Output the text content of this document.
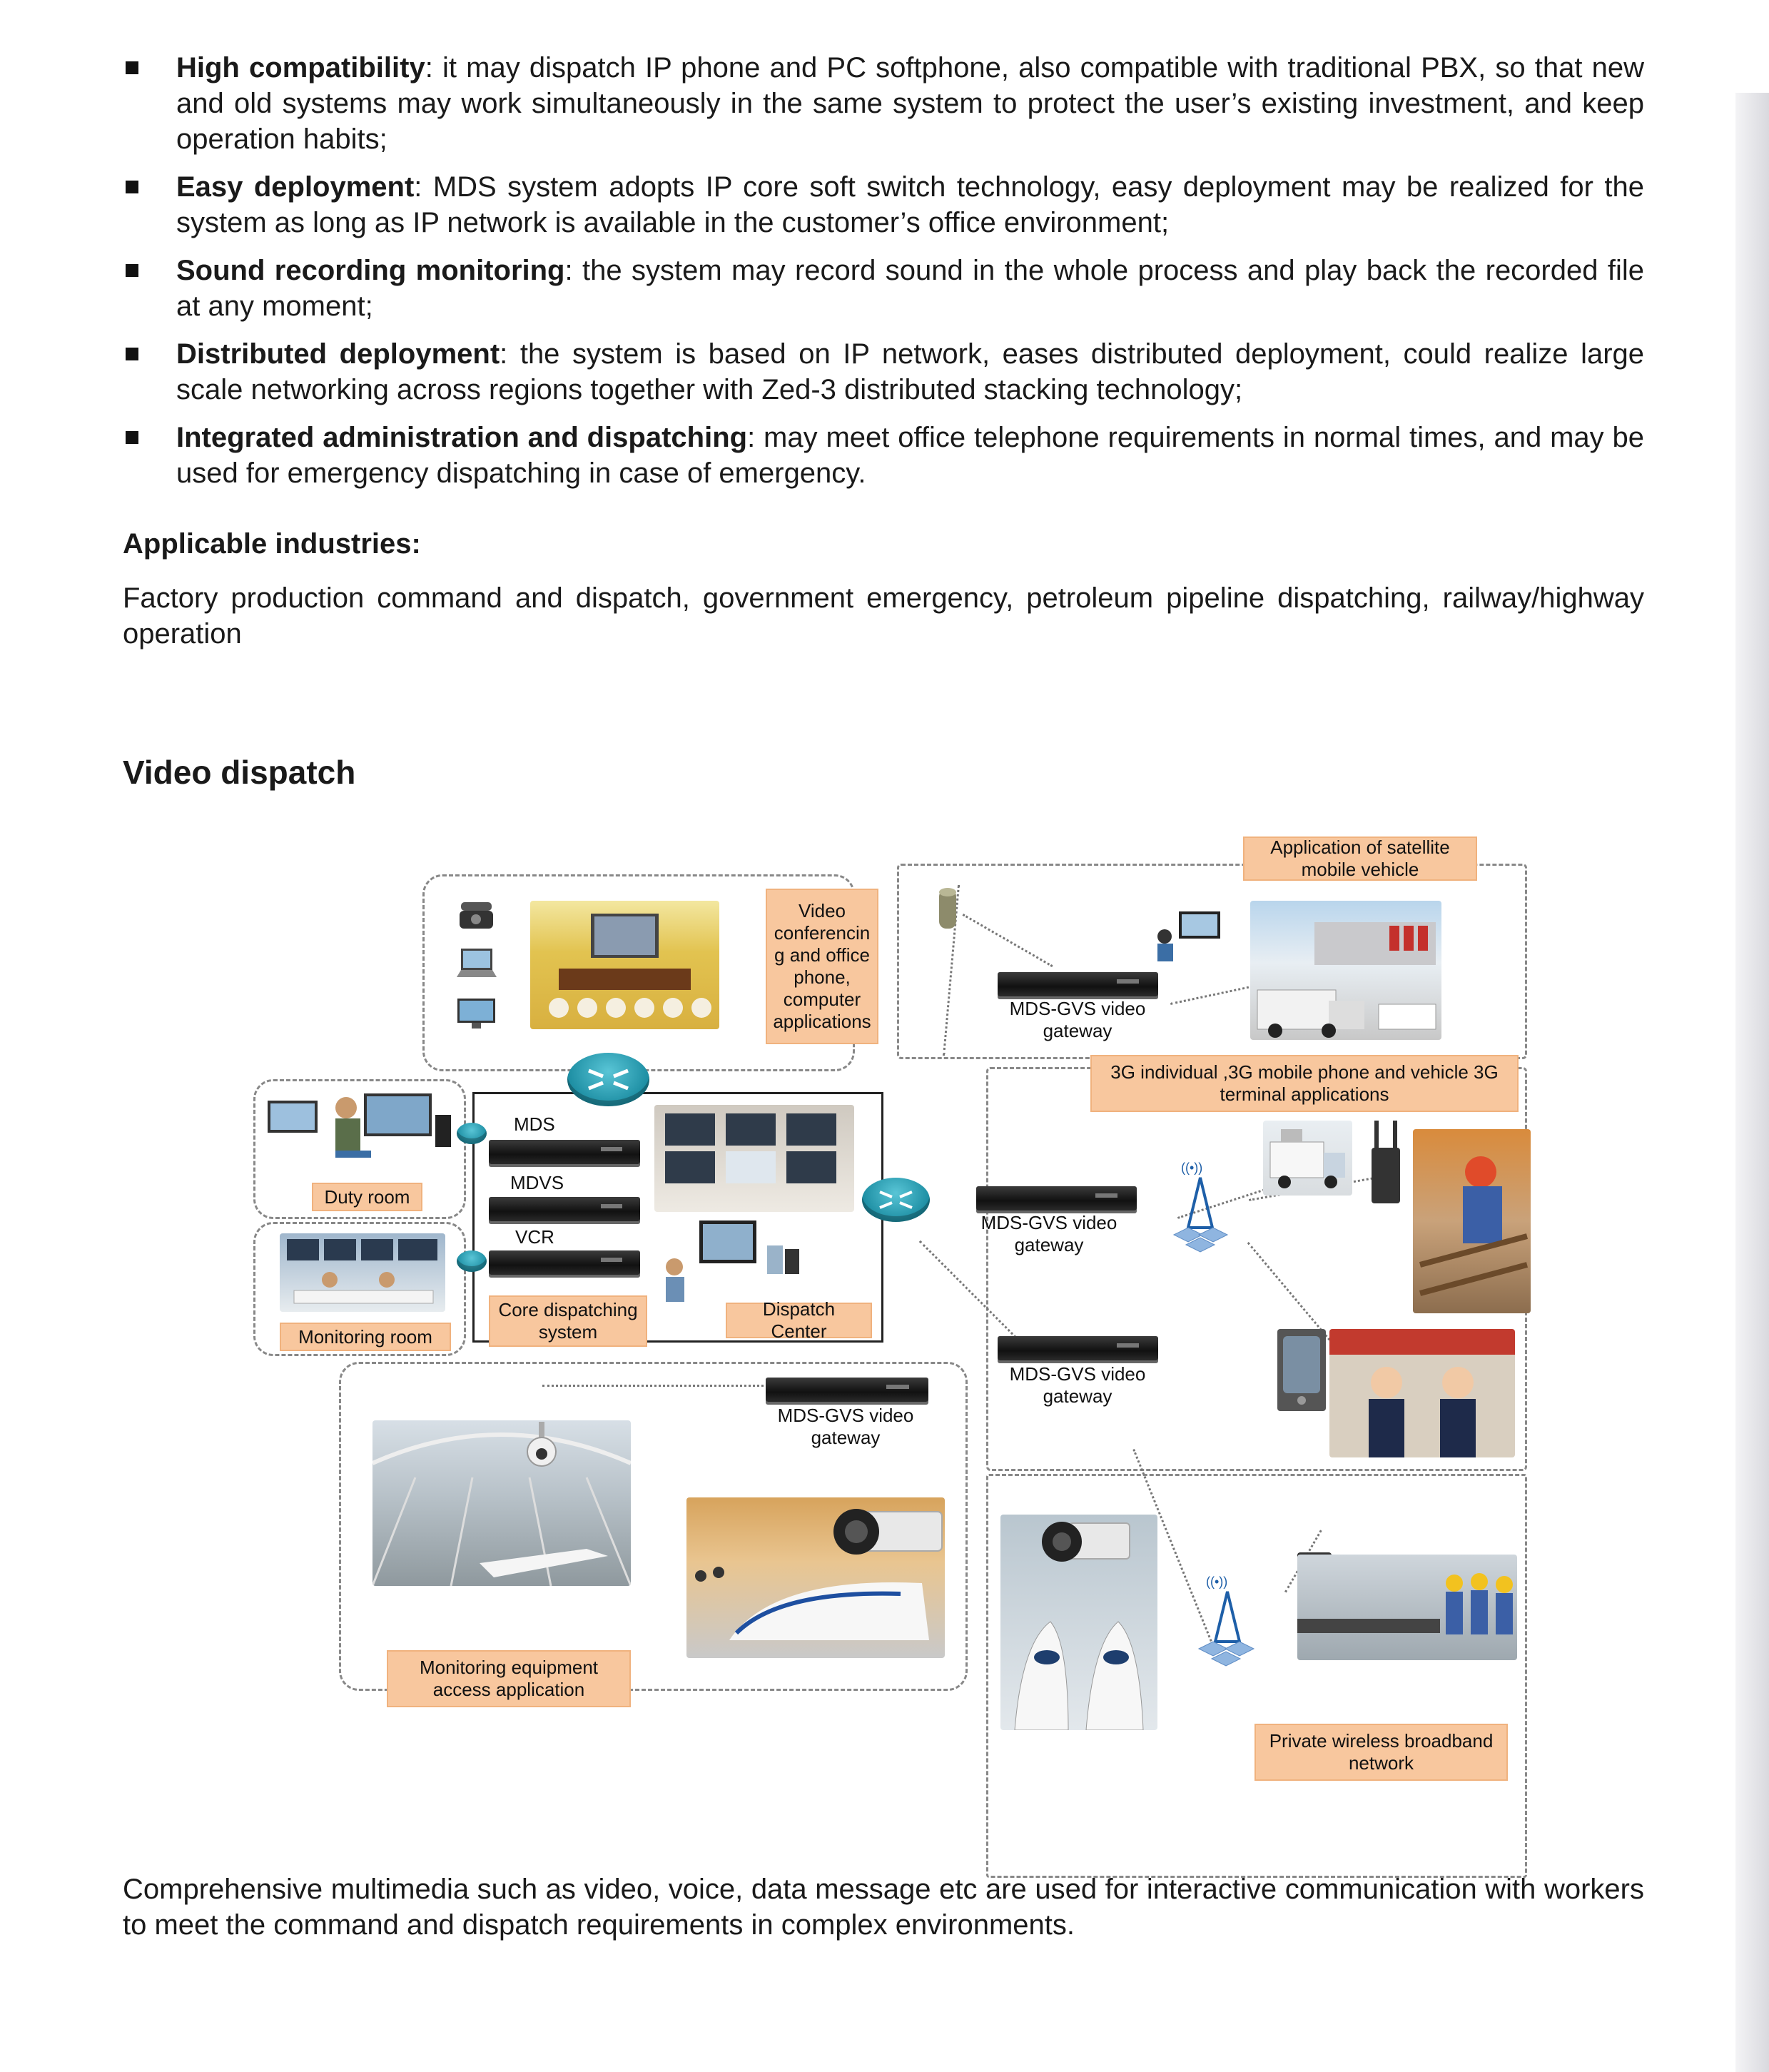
High compatibility: it may dispatch IP phone and PC softphone, also compatible with traditional PBX, so that new and old systems may work simultaneously in the same system to protect the user’s existing investment, and keep operation habits;
Easy deployment: MDS system adopts IP core soft switch technology, easy deployment may be realized for the system as long as IP network is available in the customer’s office environment;
Sound recording monitoring: the system may record sound in the whole process and play back the recorded file at any moment;
Distributed deployment: the system is based on IP network, eases distributed deployment, could realize large scale networking across regions together with Zed-3 distributed stacking technology;
Integrated administration and dispatching: may meet office telephone requirements in normal times, and may be used for emergency dispatching in case of emergency.
Applicable industries:
Factory production command and dispatch, government emergency, petroleum pipeline dispatching, railway/highway operation
Video dispatch
Video conferencin g and office phone, computer applications
Application of satellite mobile vehicle
MDS-GVS video gateway
3G individual ,3G mobile phone and vehicle 3G terminal applications
MDS-GVS video gateway
((•))
Duty room
Monitoring room
MDS
MDVS
VCR
Core dispatching system
Dispatch Center
MDS-GVS video gateway
Monitoring equipment access application
MDS-GVS video gateway
((•))
Private wireless broadband network
Comprehensive multimedia such as video, voice, data message etc are used for interactive communication with workers to meet the command and dispatch requirements in complex environments.
